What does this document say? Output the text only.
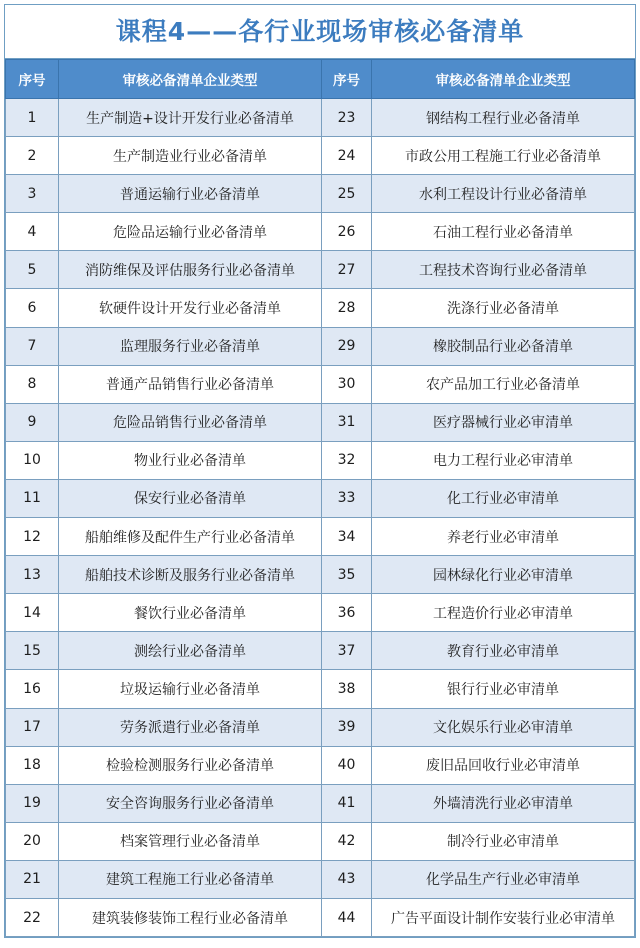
课程4——各行业现场审核必备清单
序号	审核必备清单企业类型	序号	审核必备清单企业类型
1	生产制造+设计开发行业必备清单	23	钢结构工程行业必备清单
2	生产制造业行业必备清单	24	市政公用工程施工行业必备清单
3	普通运输行业必备清单	25	水利工程设计行业必备清单
4	危险品运输行业必备清单	26	石油工程行业必备清单
5	消防维保及评估服务行业必备清单	27	工程技术咨询行业必备清单
6	软硬件设计开发行业必备清单	28	洗涤行业必备清单
7	监理服务行业必备清单	29	橡胶制品行业必备清单
8	普通产品销售行业必备清单	30	农产品加工行业必备清单
9	危险品销售行业必备清单	31	医疗器械行业必审清单
10	物业行业必备清单	32	电力工程行业必审清单
11	保安行业必备清单	33	化工行业必审清单
12	船舶维修及配件生产行业必备清单	34	养老行业必审清单
13	船舶技术诊断及服务行业必备清单	35	园林绿化行业必审清单
14	餐饮行业必备清单	36	工程造价行业必审清单
15	测绘行业必备清单	37	教育行业必审清单
16	垃圾运输行业必备清单	38	银行行业必审清单
17	劳务派遣行业必备清单	39	文化娱乐行业必审清单
18	检验检测服务行业必备清单	40	废旧品回收行业必审清单
19	安全咨询服务行业必备清单	41	外墙清洗行业必审清单
20	档案管理行业必备清单	42	制冷行业必审清单
21	建筑工程施工行业必备清单	43	化学品生产行业必审清单
22	建筑装修装饰工程行业必备清单	44	广告平面设计制作安装行业必审清单
